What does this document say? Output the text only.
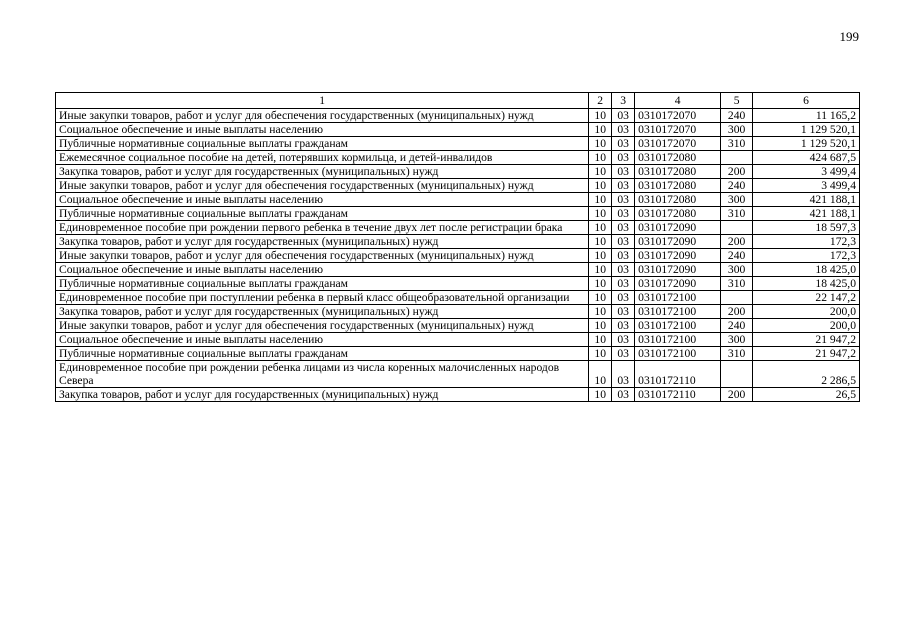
199
1	2	3	4	5	6
Иные закупки товаров, работ и услуг для обеспечения государственных (муниципальных) нужд	10	03	0310172070	240	11 165,2
Социальное обеспечение и иные выплаты населению	10	03	0310172070	300	1 129 520,1
Публичные нормативные социальные выплаты гражданам	10	03	0310172070	310	1 129 520,1
Ежемесячное социальное пособие на детей, потерявших кормильца, и детей-инвалидов	10	03	0310172080		424 687,5
Закупка товаров, работ и услуг для государственных (муниципальных) нужд	10	03	0310172080	200	3 499,4
Иные закупки товаров, работ и услуг для обеспечения государственных (муниципальных) нужд	10	03	0310172080	240	3 499,4
Социальное обеспечение и иные выплаты населению	10	03	0310172080	300	421 188,1
Публичные нормативные социальные выплаты гражданам	10	03	0310172080	310	421 188,1
Единовременное пособие при рождении первого ребенка в течение двух лет после регистрации брака	10	03	0310172090		18 597,3
Закупка товаров, работ и услуг для государственных (муниципальных) нужд	10	03	0310172090	200	172,3
Иные закупки товаров, работ и услуг для обеспечения государственных (муниципальных) нужд	10	03	0310172090	240	172,3
Социальное обеспечение и иные выплаты населению	10	03	0310172090	300	18 425,0
Публичные нормативные социальные выплаты гражданам	10	03	0310172090	310	18 425,0
Единовременное пособие при поступлении ребенка в первый класс общеобразовательной организации	10	03	0310172100		22 147,2
Закупка товаров, работ и услуг для государственных (муниципальных) нужд	10	03	0310172100	200	200,0
Иные закупки товаров, работ и услуг для обеспечения государственных (муниципальных) нужд	10	03	0310172100	240	200,0
Социальное обеспечение и иные выплаты населению	10	03	0310172100	300	21 947,2
Публичные нормативные социальные выплаты гражданам	10	03	0310172100	310	21 947,2
Единовременное пособие при рождении ребенка лицами из числа коренных малочисленных народов Севера	10	03	0310172110		2 286,5
Закупка товаров, работ и услуг для государственных (муниципальных) нужд	10	03	0310172110	200	26,5
